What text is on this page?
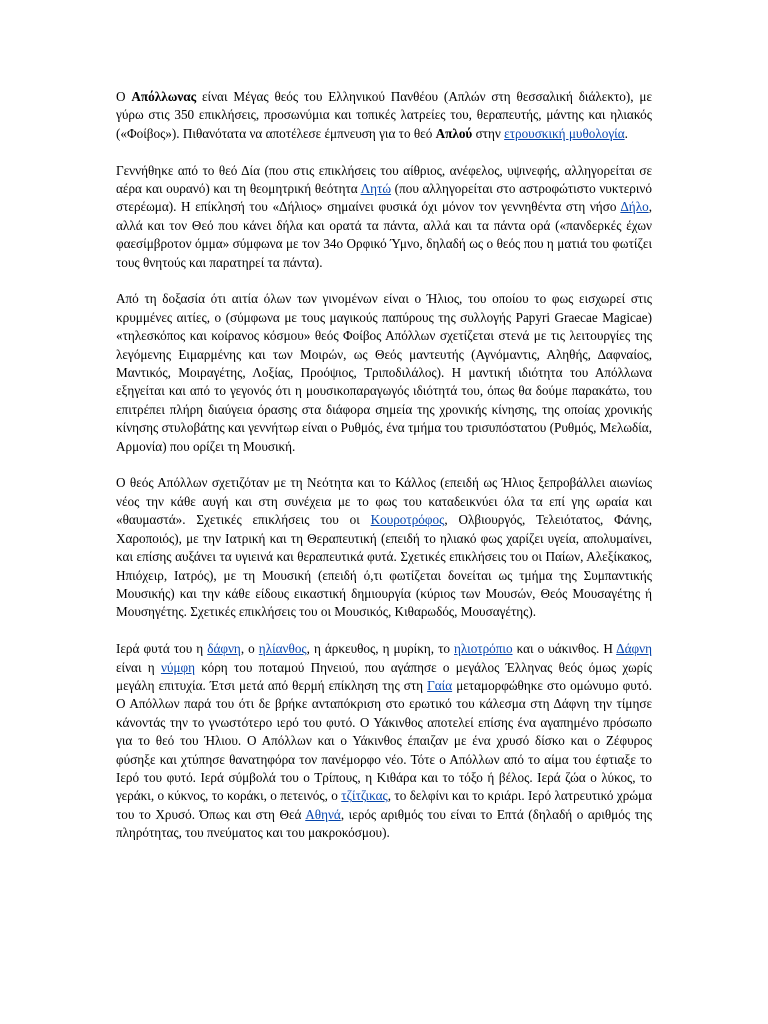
Ο Απόλλωνας είναι Μέγας θεός του Ελληνικού Πανθέου (Απλών στη θεσσαλική διάλεκτο), με γύρω στις 350 επικλήσεις, προσωνύμια και τοπικές λατρείες του, θεραπευτής, μάντης και ηλιακός («Φοίβος»). Πιθανότατα να αποτέλεσε έμπνευση για το θεό Απλού στην ετρουσκική μυθολογία.

Γεννήθηκε από το θεό Δία (που στις επικλήσεις του αίθριος, ανέφελος, υψινεφής, αλληγορείται σε αέρα και ουρανό) και τη θεομητρική θεότητα Λητώ (που αλληγορείται στο αστροφώτιστο νυκτερινό στερέωμα). Η επίκλησή του «Δήλιος» σημαίνει φυσικά όχι μόνον τον γεννηθέντα στη νήσο Δήλο, αλλά και τον Θεό που κάνει δήλα και ορατά τα πάντα, αλλά και τα πάντα ορά («πανδερκές έχων φαεσίμβροτον όμμα» σύμφωνα με τον 34ο Ορφικό Ύμνο, δηλαδή ως ο θεός που η ματιά του φωτίζει τους θνητούς και παρατηρεί τα πάντα).

Από τη δοξασία ότι αιτία όλων των γινομένων είναι ο Ήλιος, του οποίου το φως εισχωρεί στις κρυμμένες αιτίες, ο (σύμφωνα με τους μαγικούς παπύρους της συλλογής Papyri Graecae Magicae) «τηλεσκόπος και κοίρανος κόσμου» θεός Φοίβος Απόλλων σχετίζεται στενά με τις λειτουργίες της λεγόμενης Ειμαρμένης και των Μοιρών, ως Θεός μαντευτής (Αγνόμαντις, Αληθής, Δαφναίος, Μαντικός, Μοιραγέτης, Λοξίας, Προόψιος, Τριποδιλάλος). Η μαντική ιδιότητα του Απόλλωνα εξηγείται και από το γεγονός ότι η μουσικοπαραγωγός ιδιότητά του, όπως θα δούμε παρακάτω, του επιτρέπει πλήρη διαύγεια όρασης στα διάφορα σημεία της χρονικής κίνησης, της οποίας χρονικής κίνησης στυλοβάτης και γεννήτωρ είναι ο Ρυθμός, ένα τμήμα του τρισυπόστατου (Ρυθμός, Μελωδία, Αρμονία) που ορίζει τη Μουσική.

Ο θεός Απόλλων σχετιζόταν με τη Νεότητα και το Κάλλος (επειδή ως Ήλιος ξεπροβάλλει αιωνίως νέος την κάθε αυγή και στη συνέχεια με το φως του καταδεικνύει όλα τα επί γης ωραία και «θαυμαστά». Σχετικές επικλήσεις του οι Κουροτρόφος, Ολβιουργός, Τελειότατος, Φάνης, Χαροποιός), με την Ιατρική και τη Θεραπευτική (επειδή το ηλιακό φως χαρίζει υγεία, απολυμαίνει, και επίσης αυξάνει τα υγιεινά και θεραπευτικά φυτά. Σχετικές επικλήσεις του οι Παίων, Αλεξίκακος, Ηπιόχειρ, Ιατρός), με τη Μουσική (επειδή ό,τι φωτίζεται δονείται ως τμήμα της Συμπαντικής Μουσικής) και την κάθε είδους εικαστική δημιουργία (κύριος των Μουσών, Θεός Μουσαγέτης ή Μουσηγέτης. Σχετικές επικλήσεις του οι Μουσικός, Κιθαρωδός, Μουσαγέτης).

Ιερά φυτά του η δάφνη, ο ηλίανθος, η άρκευθος, η μυρίκη, το ηλιοτρόπιο και ο υάκινθος. Η Δάφνη είναι η νύμφη κόρη του ποταμού Πηνειού, που αγάπησε ο μεγάλος Έλληνας θεός όμως χωρίς μεγάλη επιτυχία. Έτσι μετά από θερμή επίκληση της στη Γαία μεταμορφώθηκε στο ομώνυμο φυτό. Ο Απόλλων παρά του ότι δε βρήκε ανταπόκριση στο ερωτικό του κάλεσμα στη Δάφνη την τίμησε κάνοντάς την το γνωστότερο ιερό του φυτό. Ο Υάκινθος αποτελεί επίσης ένα αγαπημένο πρόσωπο για το θεό του Ήλιου. Ο Απόλλων και ο Υάκινθος έπαιζαν με ένα χρυσό δίσκο και ο Ζέφυρος φύσηξε και χτύπησε θανατηφόρα τον πανέμορφο νέο. Τότε ο Απόλλων από το αίμα του έφτιαξε το Ιερό του φυτό. Ιερά σύμβολά του ο Τρίπους, η Κιθάρα και το τόξο ή βέλος. Ιερά ζώα ο λύκος, το γεράκι, ο κύκνος, το κοράκι, ο πετεινός, ο τζίτζικας, το δελφίνι και το κριάρι. Ιερό λατρευτικό χρώμα του το Χρυσό. Όπως και στη Θεά Αθηνά, ιερός αριθμός του είναι το Επτά (δηλαδή ο αριθμός της πληρότητας, του πνεύματος και του μακροκόσμου).
